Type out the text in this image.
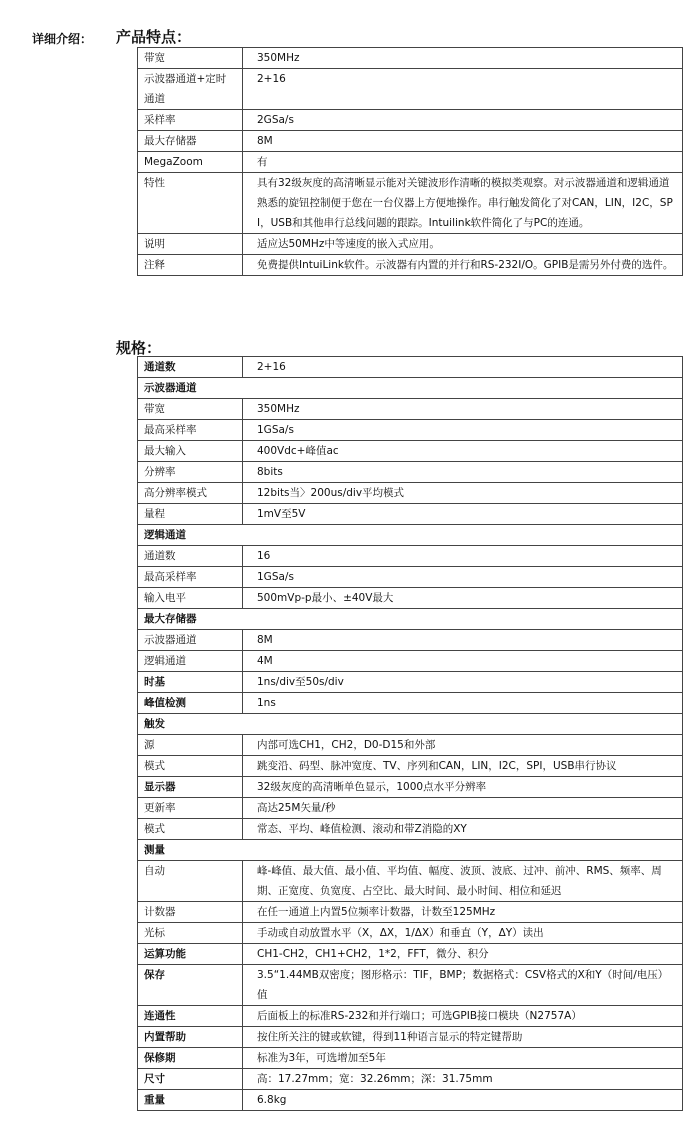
详细介绍： 产品特点：
带宽	350MHz
示波器通道+定时通道	2+16
采样率	2GSa/s
最大存储器	8M
MegaZoom	有
特性	具有32级灰度的高清晰显示能对关键波形作清晰的模拟类观察。对示波器通道和逻辑通道熟悉的旋钮控制便于您在一台仪器上方便地操作。串行触发简化了对CAN，LIN，I2C，SPI，USB和其他串行总线问题的跟踪。Intuilink软件简化了与PC的连通。
说明	适应达50MHz中等速度的嵌入式应用。
注释	免费提供IntuiLink软件。示波器有内置的并行和RS-232I/O。GPIB是需另外付费的选件。
规格：
通道数	2+16
示波器通道	
带宽	350MHz
最高采样率	1GSa/s
最大输入	400Vdc+峰值ac
分辨率	8bits
高分辨率模式	12bits当〉200us/div平均模式
量程	1mV至5V
逻辑通道	
通道数	16
最高采样率	1GSa/s
输入电平	500mVp-p最小、±40V最大
最大存储器	
示波器通道	8M
逻辑通道	4M
时基	1ns/div至50s/div
峰值检测	1ns
触发	
源	内部可选CH1，CH2，D0-D15和外部
模式	跳变沿、码型、脉冲宽度、TV、序列和CAN，LIN，I2C，SPI，USB串行协议
显示器	32级灰度的高清晰单色显示，1000点水平分辨率
更新率	高达25M矢量/秒
模式	常态、平均、峰值检测、滚动和带Z消隐的XY
测量	
自动	峰-峰值、最大值、最小值、平均值、幅度、波顶、波底、过冲、前冲、RMS、频率、周期、正宽度、负宽度、占空比、最大时间、最小时间、相位和延迟
计数器	在任一通道上内置5位频率计数器，计数至125MHz
光标	手动或自动放置水平（X，ΔX，1/ΔX）和垂直（Y，ΔY）读出
运算功能	CH1-CH2，CH1+CH2，1*2，FFT，微分、积分
保存	3.5“1.44MB双密度；图形格示：TIF，BMP；数据格式：CSV格式的X和Y（时间/电压）值
连通性	后面板上的标准RS-232和并行端口；可选GPIB接口模块（N2757A）
内置帮助	按住所关注的键或软键，得到11种语言显示的特定键帮助
保修期	标准为3年，可选增加至5年
尺寸	高：17.27mm；宽：32.26mm；深：31.75mm
重量	6.8kg
